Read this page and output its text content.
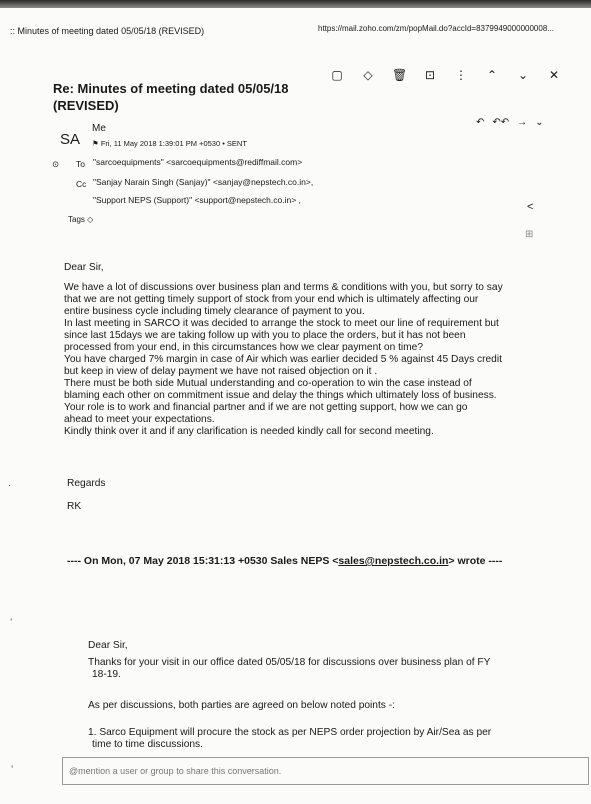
:: Minutes of meeting dated 05/05/18 (REVISED)	https://mail.zoho.com/zm/popMail.do?accId=8379949000000008...
Re: Minutes of meeting dated 05/05/18
(REVISED)
▢ ◇ 🗑 ⊡ ⋮ ⌃ ⌄ ✕
SA
Me
⚑ Fri, 11 May 2018 1:39:01 PM +0530 • SENT
↶ ↶↶ → ⌄
⊙ To "sarcoequipments" <sarcoequipments@rediffmail.com>
Cc "Sanjay Narain Singh (Sanjay)" <sanjay@nepstech.co.in>,
"Support NEPS (Support)" <support@nepstech.co.in> ,
Tags ◇
<
⊞
Dear Sir,
We have a lot of discussions over business plan and terms & conditions with you, but sorry to say
that we are not getting timely support of stock from your end which is ultimately affecting our
entire business cycle including timely clearance of payment to you.
In last meeting in SARCO it was decided to arrange the stock to meet our line of requirement but
since last 15days we are taking follow up with you to place the orders, but it has not been
processed from your end, in this circumstances how we clear payment on time?
You have charged 7% margin in case of Air which was earlier decided 5 % against 45 Days credit
but keep in view of delay payment we have not raised objection on it .
There must be both side Mutual understanding and co-operation to win the case instead of
blaming each other on commitment issue and delay the things which ultimately loss of business.
Your role is to work and financial partner and if we are not getting support, how we can go
ahead to meet your expectations.
Kindly think over it and if any clarification is needed kindly call for second meeting.
Regards
RK
---- On Mon, 07 May 2018 15:31:13 +0530 Sales NEPS <sales@nepstech.co.in> wrote ----
Dear Sir,
Thanks for your visit in our office dated 05/05/18 for discussions over business plan of FY
18-19.
As per discussions, both parties are agreed on below noted points -:
1. Sarco Equipment will procure the stock as per NEPS order projection by Air/Sea as per
time to time discussions.
@mention a user or group to share this conversation.
·
ʼ
ʼ
